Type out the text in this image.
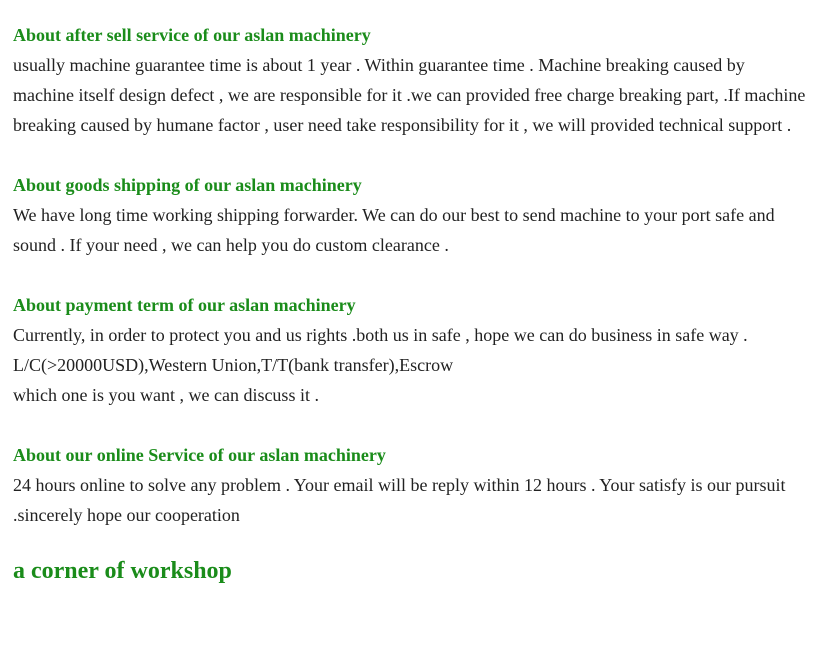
About after sell service of our aslan machinery
usually machine guarantee time is about 1 year . Within guarantee time . Machine breaking caused by machine itself design defect , we are responsible for it .we can provided free charge breaking part, .If machine breaking caused by humane factor , user need take responsibility for it , we will provided technical support .
About goods shipping of our aslan machinery
We have long time working shipping forwarder. We can do our best to send machine to your port safe and sound . If your need , we can help you do custom clearance .
About payment term of our aslan machinery
Currently, in order to protect you and us rights .both us in safe , hope we can do business in safe way .
L/C(>20000USD),Western Union,T/T(bank transfer),Escrow
which one is you want , we can discuss it .
About our online Service of our aslan machinery
24 hours online to solve any problem . Your email will be reply within 12 hours . Your satisfy is our pursuit .sincerely hope our cooperation
a corner of workshop
